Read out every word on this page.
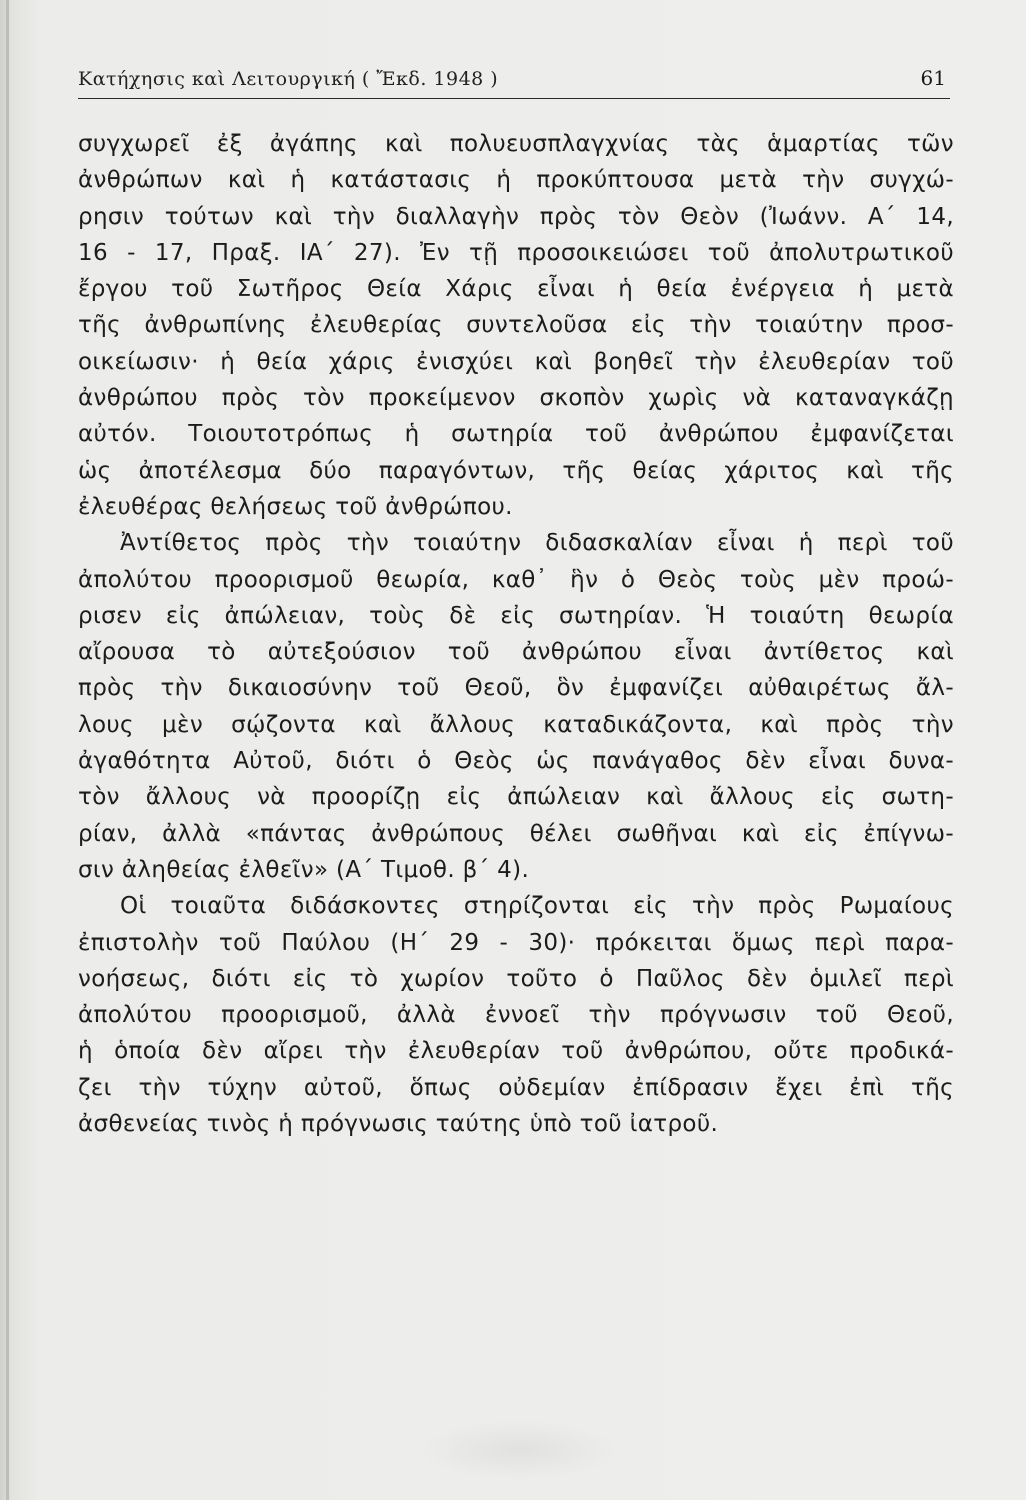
Κατήχησις καὶ Λειτουργική ( Ἔκδ. 1948 )	61
συγχωρεῖ ἐξ ἀγάπης καὶ πολυευσπλαγχνίας τὰς ἁμαρτίας τῶν
ἀνθρώπων καὶ ἡ κατάστασις ἡ προκύπτουσα μετὰ τὴν συγχώ-
ρησιν τούτων καὶ τὴν διαλλαγὴν πρὸς τὸν Θεὸν (Ἰωάνν. Α΄ 14,
16 - 17, Πραξ. ΙΑ΄ 27). Ἐν τῇ προσοικειώσει τοῦ ἀπολυτρωτικοῦ
ἔργου τοῦ Σωτῆρος Θεία Χάρις εἶναι ἡ θεία ἐνέργεια ἡ μετὰ
τῆς ἀνθρωπίνης ἐλευθερίας συντελοῦσα εἰς τὴν τοιαύτην προσ-
οικείωσιν· ἡ θεία χάρις ἐνισχύει καὶ βοηθεῖ τὴν ἐλευθερίαν τοῦ
ἀνθρώπου πρὸς τὸν προκείμενον σκοπὸν χωρὶς νὰ καταναγκάζῃ
αὐτόν. Τοιουτοτρόπως ἡ σωτηρία τοῦ ἀνθρώπου ἐμφανίζεται
ὡς ἀποτέλεσμα δύο παραγόντων, τῆς θείας χάριτος καὶ τῆς
ἐλευθέρας θελήσεως τοῦ ἀνθρώπου.
Ἀντίθετος πρὸς τὴν τοιαύτην διδασκαλίαν εἶναι ἡ περὶ τοῦ
ἀπολύτου προορισμοῦ θεωρία, καθ᾿ ἣν ὁ Θεὸς τοὺς μὲν προώ-
ρισεν εἰς ἀπώλειαν, τοὺς δὲ εἰς σωτηρίαν. Ἡ τοιαύτη θεωρία
αἴρουσα τὸ αὐτεξούσιον τοῦ ἀνθρώπου εἶναι ἀντίθετος καὶ
πρὸς τὴν δικαιοσύνην τοῦ Θεοῦ, ὃν ἐμφανίζει αὐθαιρέτως ἄλ-
λους μὲν σῴζοντα καὶ ἄλλους καταδικάζοντα, καὶ πρὸς τὴν
ἀγαθότητα Αὐτοῦ, διότι ὁ Θεὸς ὡς πανάγαθος δὲν εἶναι δυνα-
τὸν ἄλλους νὰ προορίζῃ εἰς ἀπώλειαν καὶ ἄλλους εἰς σωτη-
ρίαν, ἀλλὰ «πάντας ἀνθρώπους θέλει σωθῆναι καὶ εἰς ἐπίγνω-
σιν ἀληθείας ἐλθεῖν» (Α΄ Τιμοθ. β΄ 4).
Οἱ τοιαῦτα διδάσκοντες στηρίζονται εἰς τὴν πρὸς Ρωμαίους
ἐπιστολὴν τοῦ Παύλου (Η΄ 29 - 30)· πρόκειται ὅμως περὶ παρα-
νοήσεως, διότι εἰς τὸ χωρίον τοῦτο ὁ Παῦλος δὲν ὁμιλεῖ περὶ
ἀπολύτου προορισμοῦ, ἀλλὰ ἐννοεῖ τὴν πρόγνωσιν τοῦ Θεοῦ,
ἡ ὁποία δὲν αἴρει τὴν ἐλευθερίαν τοῦ ἀνθρώπου, οὔτε προδικά-
ζει τὴν τύχην αὐτοῦ, ὅπως οὐδεμίαν ἐπίδρασιν ἔχει ἐπὶ τῆς
ἀσθενείας τινὸς ἡ πρόγνωσις ταύτης ὑπὸ τοῦ ἰατροῦ.
